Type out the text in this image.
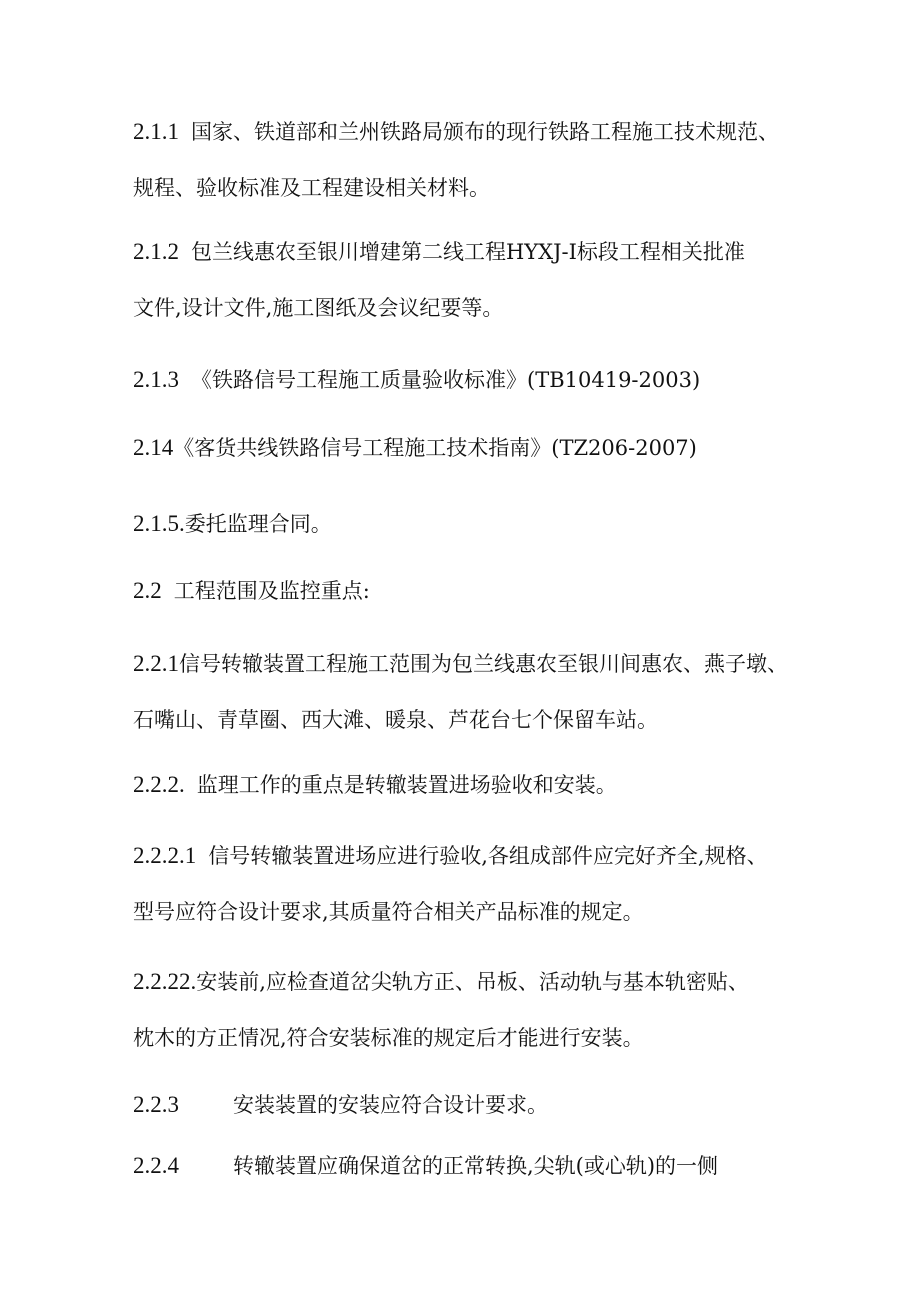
2.1.1 国家、铁道部和兰州铁路局颁布的现行铁路工程施工技术规范、
规程、验收标准及工程建设相关材料。
2.1.2 包兰线惠农至银川增建第二线工程HYXJ-I标段工程相关批准
文件,设计文件,施工图纸及会议纪要等。
2.1.3 《铁路信号工程施工质量验收标准》(TB10419-2003)
2.14《客货共线铁路信号工程施工技术指南》(TZ206-2007)
2.1.5.委托监理合同。
2.2 工程范围及监控重点:
2.2.1信号转辙装置工程施工范围为包兰线惠农至银川间惠农、燕子墩、
石嘴山、青草圈、西大滩、暖泉、芦花台七个保留车站。
2.2.2. 监理工作的重点是转辙装置进场验收和安装。
2.2.2.1 信号转辙装置进场应进行验收,各组成部件应完好齐全,规格、
型号应符合设计要求,其质量符合相关产品标准的规定。
2.2.22.安装前,应检查道岔尖轨方正、吊板、活动轨与基本轨密贴、
枕木的方正情况,符合安装标准的规定后才能进行安装。
2.2.3	安装装置的安装应符合设计要求。
2.2.4	转辙装置应确保道岔的正常转换,尖轨(或心轨)的一侧
